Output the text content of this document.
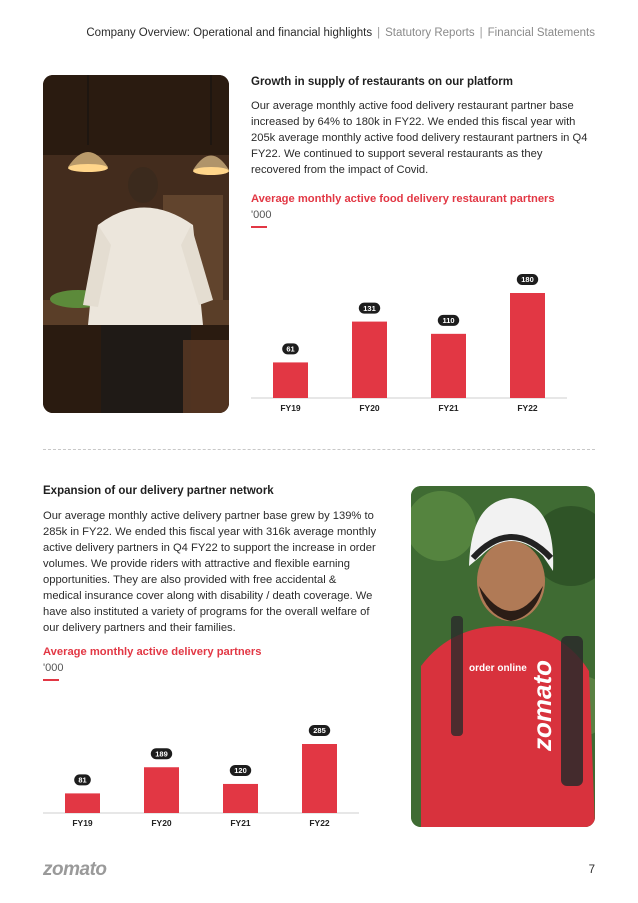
Company Overview: Operational and financial highlights | Statutory Reports | Financial Statements
Growth in supply of restaurants on our platform
Our average monthly active food delivery restaurant partner base
increased by 64% to 180k in FY22. We ended this fiscal year with
205k average monthly active food delivery restaurant partners in Q4
FY22. We continued to support several restaurants as they
recovered from the impact of Covid.
Average monthly active food delivery restaurant partners
'000
61
FY19
131
FY20
110
FY21
180
FY22
Expansion of our delivery partner network
Our average monthly active delivery partner base grew by 139% to
285k in FY22. We ended this fiscal year with 316k average monthly
active delivery partners in Q4 FY22 to support the increase in order
volumes. We provide riders with attractive and flexible earning
opportunities. They are also provided with free accidental &
medical insurance cover along with disability / death coverage. We
have also instituted a variety of programs for the overall welfare of
our delivery partners and their families.
Average monthly active delivery partners
'000
81
FY19
189
FY20
120
FY21
285
FY22
zomato
order online
zomato	7
